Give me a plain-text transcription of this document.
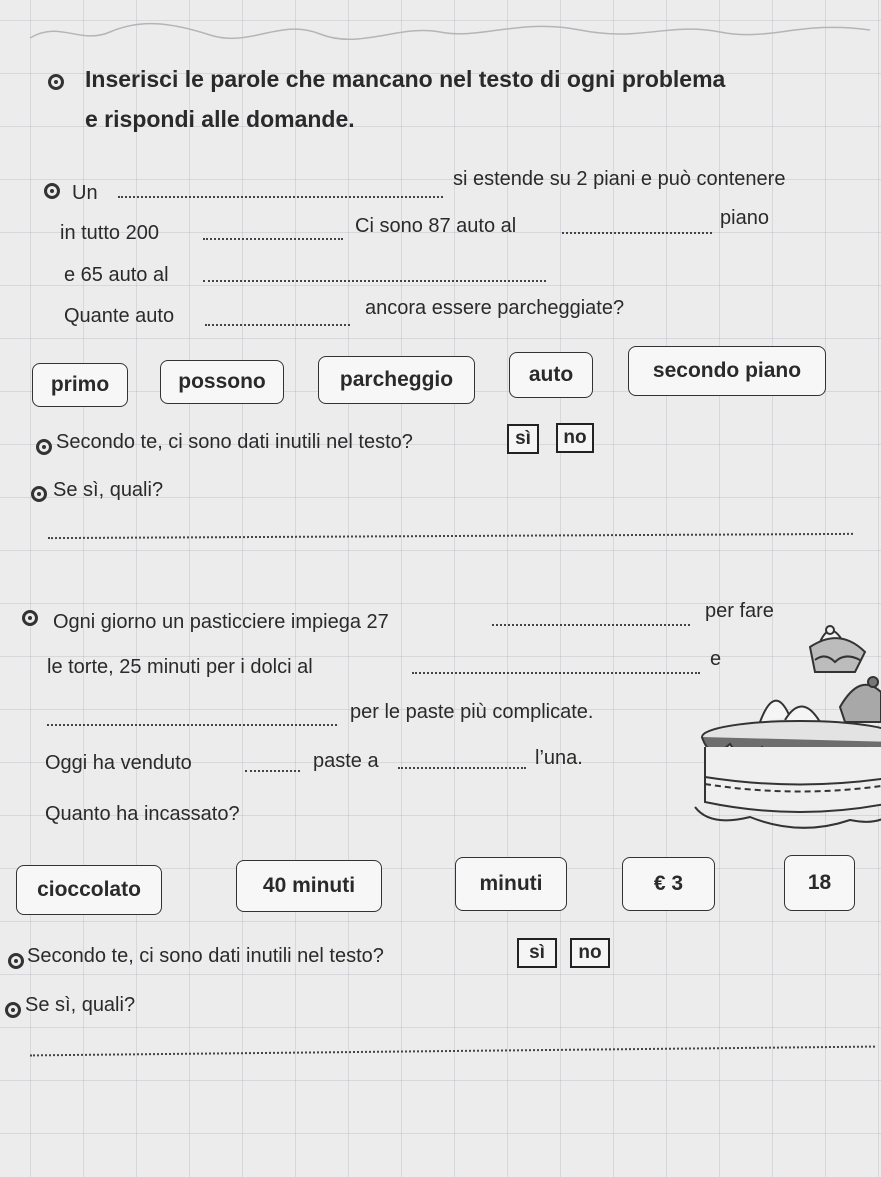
Inserisci le parole che mancano nel testo di ogni problema
e rispondi alle domande.
Un
si estende su 2 piani e può contenere
in tutto 200	Ci sono 87 auto al	piano
e 65 auto al
Quante auto	ancora essere parcheggiate?
primo	possono	parcheggio	auto	secondo piano
Secondo te, ci sono dati inutili nel testo?	sì	no
Se sì, quali?
Ogni giorno un pasticciere impiega 27	per fare
le torte, 25 minuti per i dolci al	e
per le paste più complicate.
Oggi ha venduto	paste a	l’una.
Quanto ha incassato?
cioccolato	40 minuti	minuti	€ 3	18
Secondo te, ci sono dati inutili nel testo?	sì	no
Se sì, quali?
